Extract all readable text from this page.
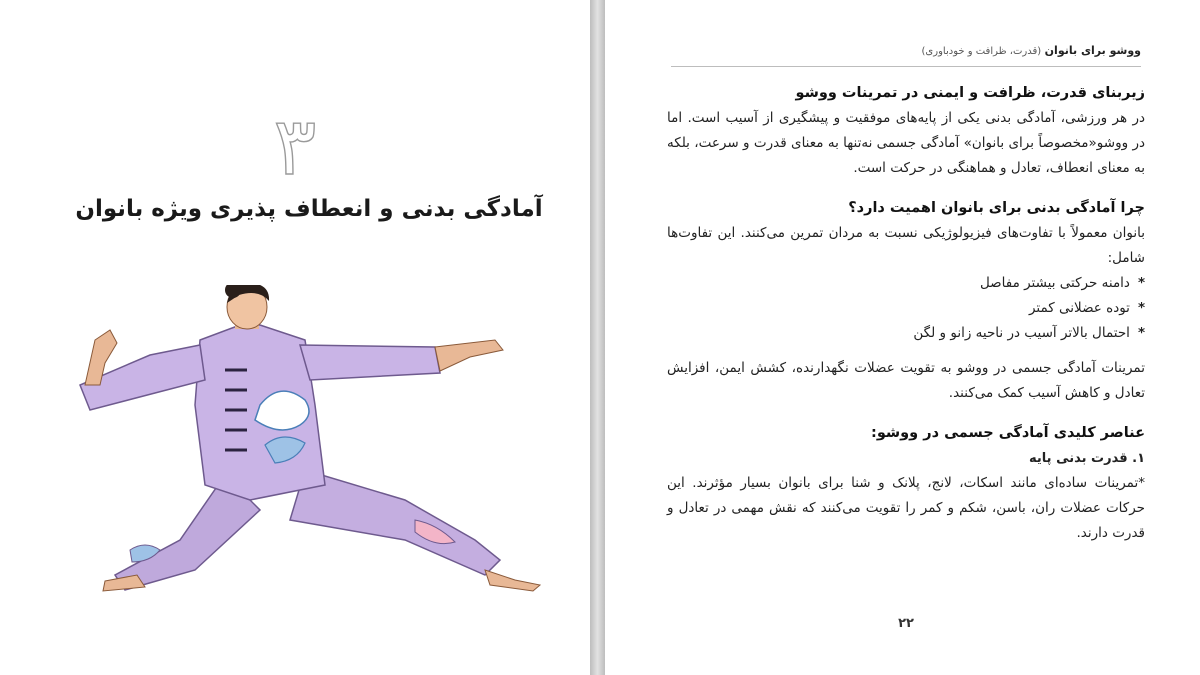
۳
آمادگی بدنی و انعطاف پذیری ویژه بانوان
ووشو برای بانوان (قدرت، ظرافت و خودباوری)
زیربنای قدرت، ظرافت و ایمنی در تمرینات ووشو

در هر ورزشی، آمادگی بدنی یکی از پایه‌های موفقیت و پیشگیری از آسیب است. اما در ووشو«مخصوصاً برای بانوان» آمادگی جسمی نه‌تنها به معنای قدرت و سرعت، بلکه به معنای انعطاف، تعادل و هماهنگی در حرکت است.

چرا آمادگی بدنی برای بانوان اهمیت دارد؟

بانوان معمولاً با تفاوت‌های فیزیولوژیکی نسبت به مردان تمرین می‌کنند. این تفاوت‌ها شامل:

*دامنه حرکتی بیشتر مفاصل
*توده عضلانی کمتر
*احتمال بالاتر آسیب در ناحیه زانو و لگن

تمرینات آمادگی جسمی در ووشو به تقویت عضلات نگهدارنده، کشش ایمن، افزایش تعادل و کاهش آسیب کمک می‌کنند.

عناصر کلیدی آمادگی جسمی در ووشو:
۱. قدرت بدنی پایه

*تمرینات ساده‌ای مانند اسکات، لانج، پلانک و شنا برای بانوان بسیار مؤثرند. این حرکات عضلات ران، باسن، شکم و کمر را تقویت می‌کنند که نقش مهمی در تعادل و قدرت دارند.

۲۲
